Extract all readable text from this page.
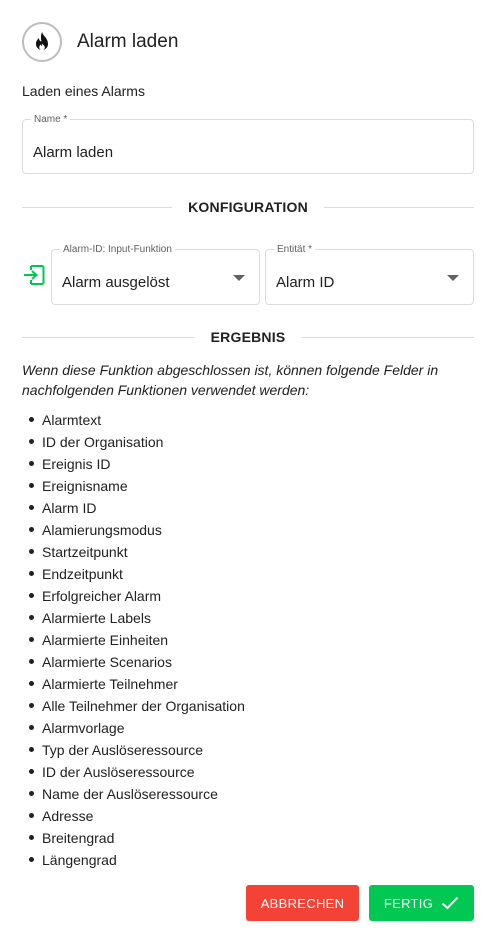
Alarm laden
Laden eines Alarms
Name *
Alarm laden
KONFIGURATION
Alarm-ID: Input-Funktion
Alarm ausgelöst
Entität *
Alarm ID
ERGEBNIS
Wenn diese Funktion abgeschlossen ist, können folgende Felder in nachfolgenden Funktionen verwendet werden:
Alarmtext
ID der Organisation
Ereignis ID
Ereignisname
Alarm ID
Alamierungsmodus
Startzeitpunkt
Endzeitpunkt
Erfolgreicher Alarm
Alarmierte Labels
Alarmierte Einheiten
Alarmierte Scenarios
Alarmierte Teilnehmer
Alle Teilnehmer der Organisation
Alarmvorlage
Typ der Auslöseressource
ID der Auslöseressource
Name der Auslöseressource
Adresse
Breitengrad
Längengrad
ABBRECHEN	FERTIG
